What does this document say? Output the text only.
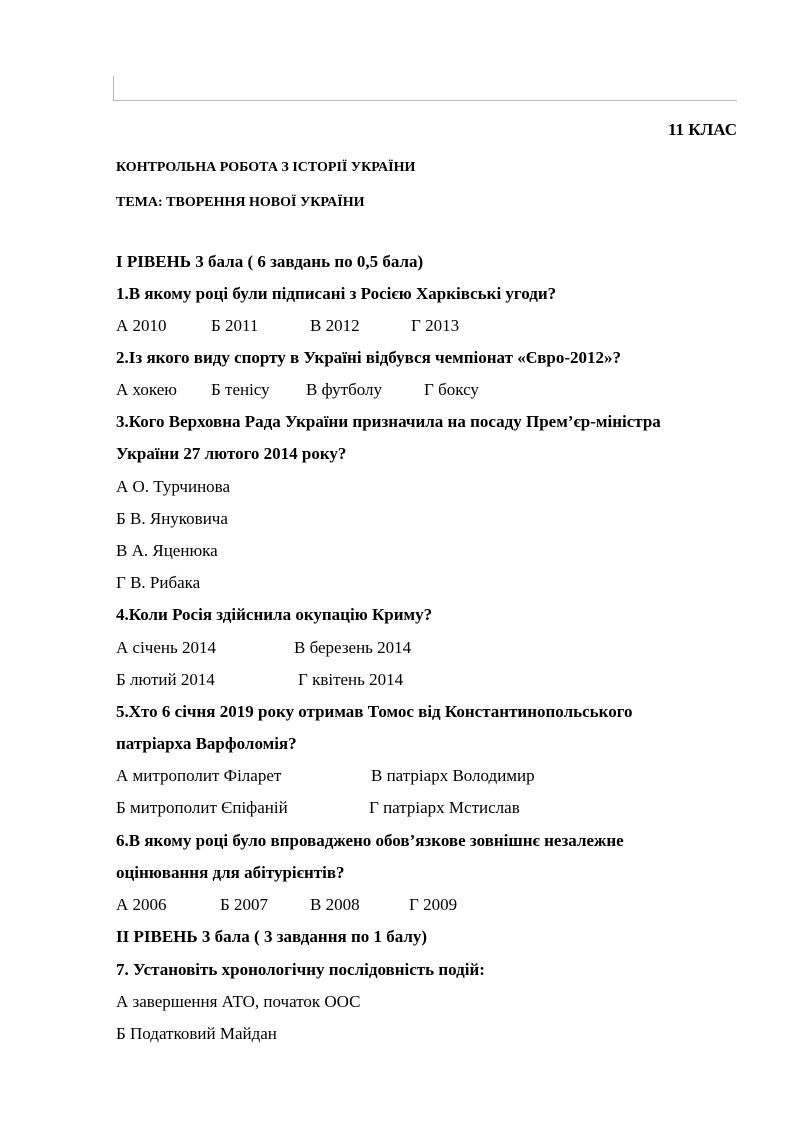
11 КЛАС
КОНТРОЛЬНА РОБОТА З ІСТОРІЇ УКРАЇНИ
ТЕМА: ТВОРЕННЯ НОВОЇ УКРАЇНИ
І РІВЕНЬ 3 бала ( 6 завдань по 0,5 бала)
1.В якому році були підписані з Росією Харківські угоди?
А 2010	Б 2011	В 2012	Г 2013
2.Із якого виду спорту в Україні відбувся чемпіонат «Євро-2012»?
А хокею Б тенісу В футболу Г боксу
3.Кого Верховна Рада України призначила на посаду Прем’єр-міністра
України 27 лютого 2014 року?
А О. Турчинова
Б В. Януковича
В А. Яценюка
Г В. Рибака
4.Коли Росія здійснила окупацію Криму?
А січень 2014	В березень 2014
Б лютий 2014	Г квітень 2014
5.Хто 6 січня 2019 року отримав Томос від Константинопольського
патріарха Варфоломія?
А митрополит Філарет	В патріарх Володимир
Б митрополит Єпіфаній	Г патріарх Мстислав
6.В якому році було впроваджено обов’язкове зовнішнє незалежне
оцінювання для абітурієнтів?
А 2006	Б 2007 В 2008	Г 2009
ІІ РІВЕНЬ 3 бала ( 3 завдання по 1 балу)
7. Установіть хронологічну послідовність подій:
А завершення АТО, початок ООС
Б Податковий Майдан
